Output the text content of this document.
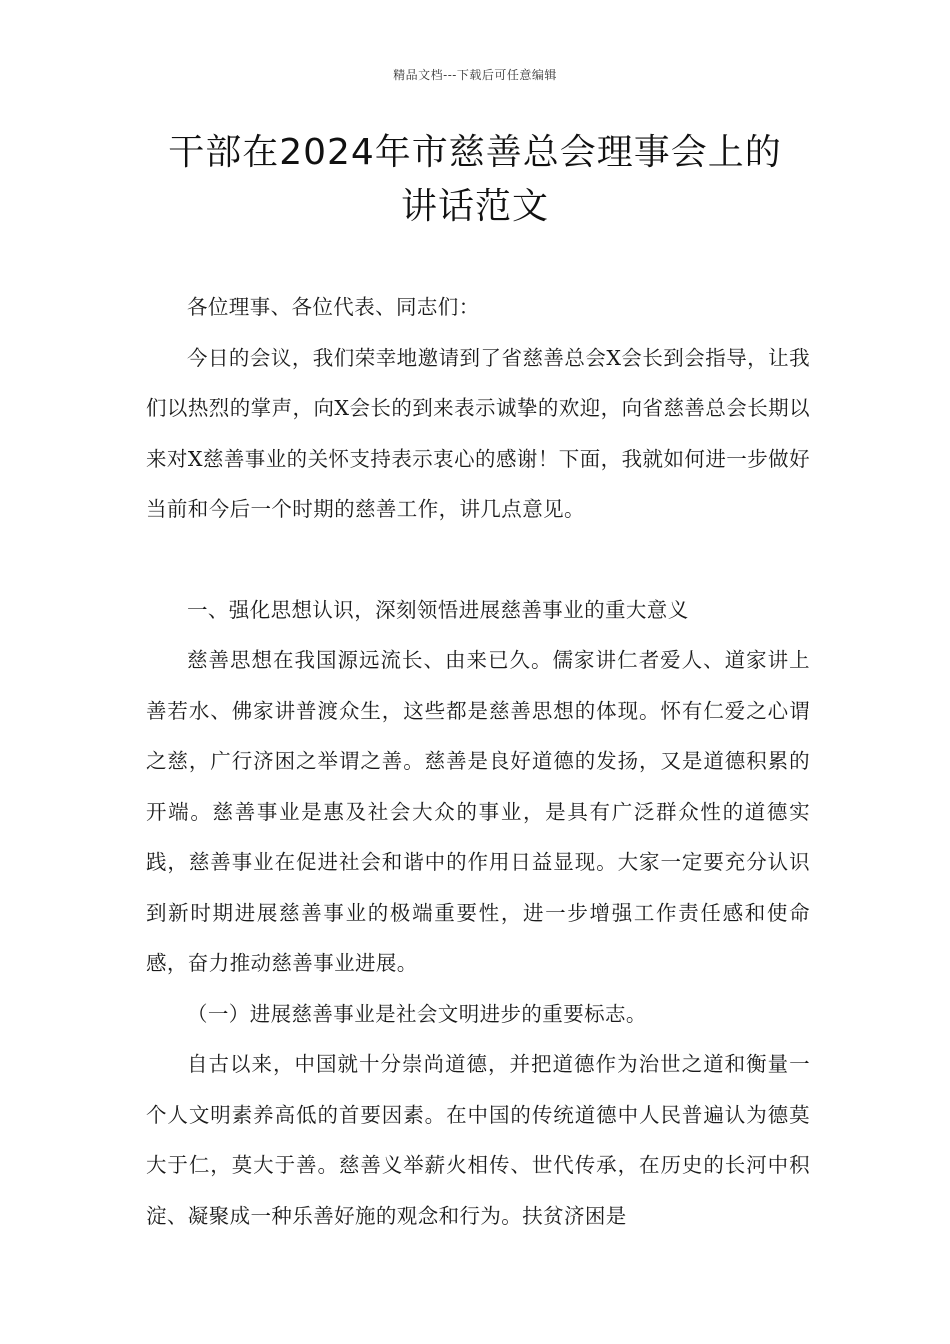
精品文档---下载后可任意编辑
干部在2024年市慈善总会理事会上的
讲话范文

各位理事、各位代表、同志们：

今日的会议，我们荣幸地邀请到了省慈善总会X会长到会指导，让我们以热烈的掌声，向X会长的到来表示诚挚的欢迎，向省慈善总会长期以来对X慈善事业的关怀支持表示衷心的感谢！下面，我就如何进一步做好当前和今后一个时期的慈善工作，讲几点意见。

一、强化思想认识，深刻领悟进展慈善事业的重大意义

慈善思想在我国源远流长、由来已久。儒家讲仁者爱人、道家讲上善若水、佛家讲普渡众生，这些都是慈善思想的体现。怀有仁爱之心谓之慈，广行济困之举谓之善。慈善是良好道德的发扬，又是道德积累的开端。慈善事业是惠及社会大众的事业，是具有广泛群众性的道德实践，慈善事业在促进社会和谐中的作用日益显现。大家一定要充分认识到新时期进展慈善事业的极端重要性，进一步增强工作责任感和使命感，奋力推动慈善事业进展。

（一）进展慈善事业是社会文明进步的重要标志。

自古以来，中国就十分崇尚道德，并把道德作为治世之道和衡量一个人文明素养高低的首要因素。在中国的传统道德中人民普遍认为德莫大于仁，莫大于善。慈善义举薪火相传、世代传承，在历史的长河中积淀、凝聚成一种乐善好施的观念和行为。扶贫济困是
